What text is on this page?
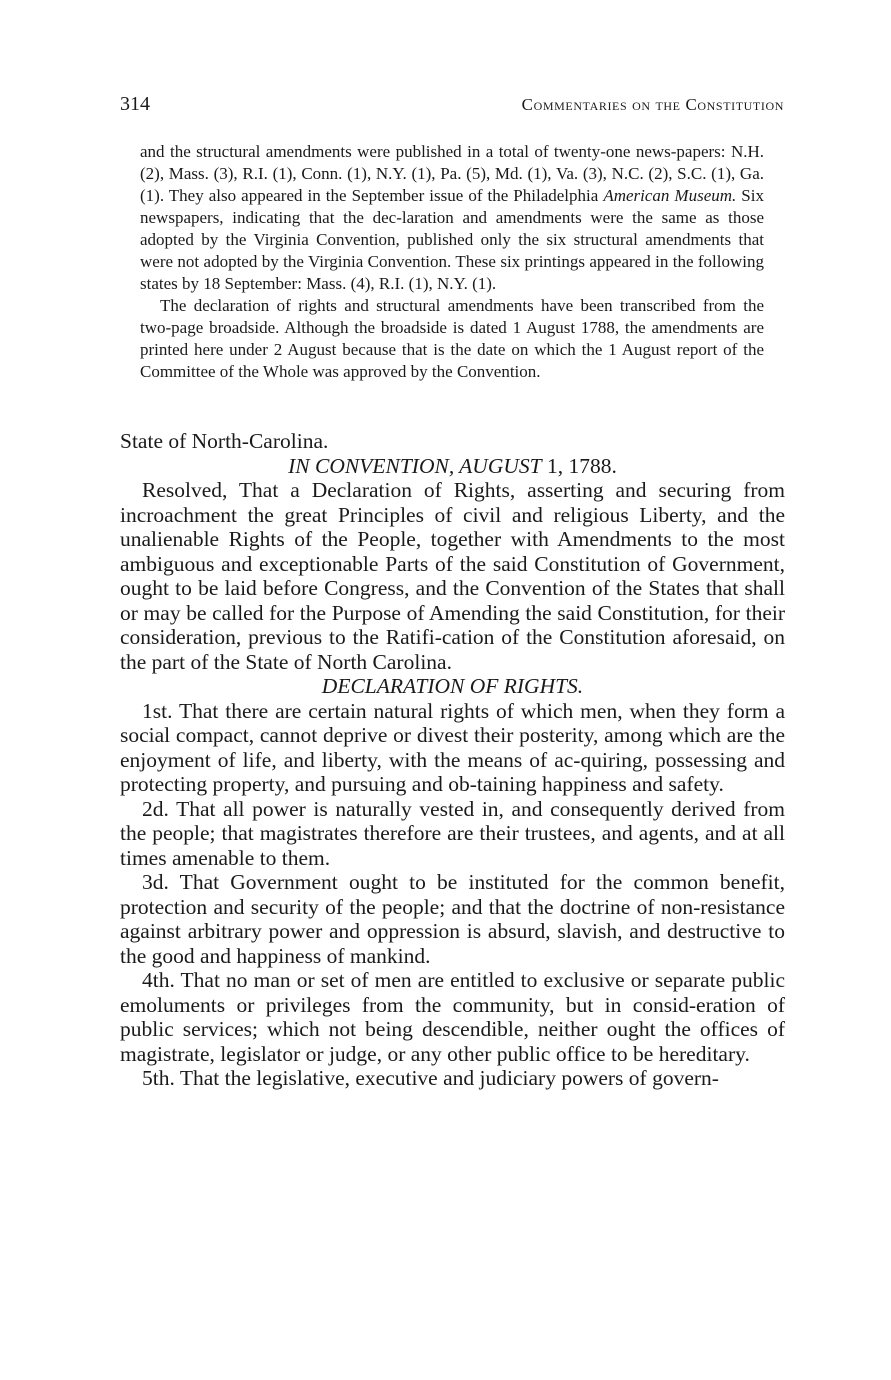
314	Commentaries on the Constitution

and the structural amendments were published in a total of twenty-one news-papers: N.H. (2), Mass. (3), R.I. (1), Conn. (1), N.Y. (1), Pa. (5), Md. (1), Va. (3), N.C. (2), S.C. (1), Ga. (1). They also appeared in the September issue of the Philadelphia American Museum. Six newspapers, indicating that the dec-laration and amendments were the same as those adopted by the Virginia Convention, published only the six structural amendments that were not adopted by the Virginia Convention. These six printings appeared in the following states by 18 September: Mass. (4), R.I. (1), N.Y. (1).

The declaration of rights and structural amendments have been transcribed from the two-page broadside. Although the broadside is dated 1 August 1788, the amendments are printed here under 2 August because that is the date on which the 1 August report of the Committee of the Whole was approved by the Convention.

State of North-Carolina.

IN CONVENTION, AUGUST 1, 1788.

Resolved, That a Declaration of Rights, asserting and securing from incroachment the great Principles of civil and religious Liberty, and the unalienable Rights of the People, together with Amendments to the most ambiguous and exceptionable Parts of the said Constitution of Government, ought to be laid before Congress, and the Convention of the States that shall or may be called for the Purpose of Amending the said Constitution, for their consideration, previous to the Ratifi-cation of the Constitution aforesaid, on the part of the State of North Carolina.

DECLARATION OF RIGHTS.

1st. That there are certain natural rights of which men, when they form a social compact, cannot deprive or divest their posterity, among which are the enjoyment of life, and liberty, with the means of ac-quiring, possessing and protecting property, and pursuing and ob-taining happiness and safety.

2d. That all power is naturally vested in, and consequently derived from the people; that magistrates therefore are their trustees, and agents, and at all times amenable to them.

3d. That Government ought to be instituted for the common benefit, protection and security of the people; and that the doctrine of non-resistance against arbitrary power and oppression is absurd, slavish, and destructive to the good and happiness of mankind.

4th. That no man or set of men are entitled to exclusive or separate public emoluments or privileges from the community, but in consid-eration of public services; which not being descendible, neither ought the offices of magistrate, legislator or judge, or any other public office to be hereditary.

5th. That the legislative, executive and judiciary powers of govern-
